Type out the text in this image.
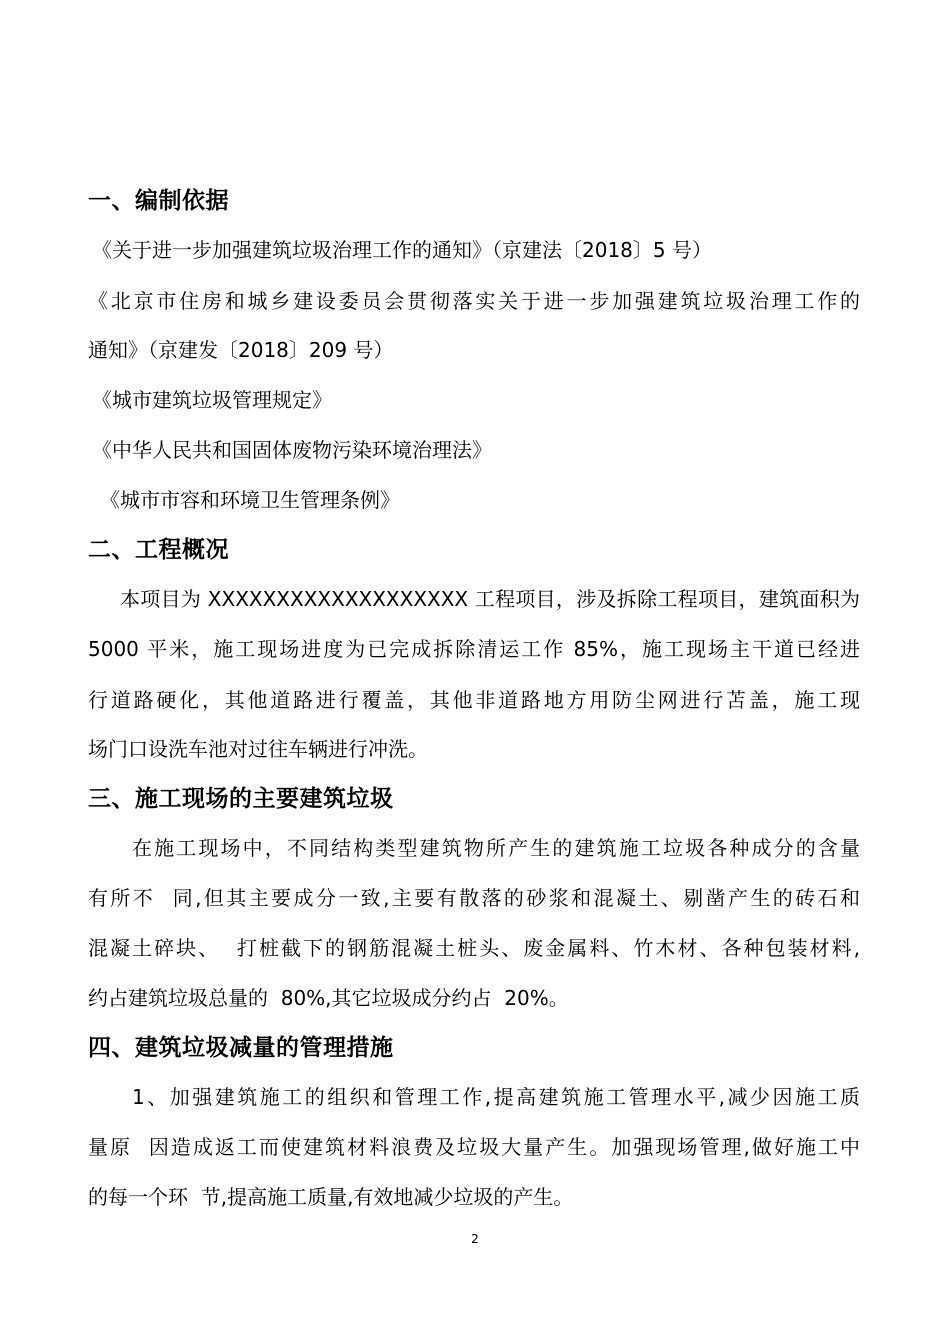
一、编制依据
《关于进一步加强建筑垃圾治理工作的通知》（京建法〔2018〕5 号）
《北京市住房和城乡建设委员会贯彻落实关于进一步加强建筑垃圾治理工作的
通知》（京建发〔2018〕209 号）
《城市建筑垃圾管理规定》
《中华人民共和国固体废物污染环境治理法》
《城市市容和环境卫生管理条例》
二、工程概况
本项目为 XXXXXXXXXXXXXXXXXXX 工程项目，涉及拆除工程项目，建筑面积为
5000 平米，施工现场进度为已完成拆除清运工作 85%，施工现场主干道已经进
行道路硬化，其他道路进行覆盖，其他非道路地方用防尘网进行苫盖，施工现
场门口设洗车池对过往车辆进行冲洗。
三、施工现场的主要建筑垃圾
在施工现场中，不同结构类型建筑物所产生的建筑施工垃圾各种成分的含量
有所不  同,但其主要成分一致,主要有散落的砂浆和混凝土、剔凿产生的砖石和
混凝土碎块、  打桩截下的钢筋混凝土桩头、废金属料、竹木材、各种包装材料,
约占建筑垃圾总量的  80%,其它垃圾成分约占  20%。
四、建筑垃圾减量的管理措施
1、加强建筑施工的组织和管理工作,提高建筑施工管理水平,减少因施工质
量原  因造成返工而使建筑材料浪费及垃圾大量产生。加强现场管理,做好施工中
的每一个环  节,提高施工质量,有效地减少垃圾的产生。
2
